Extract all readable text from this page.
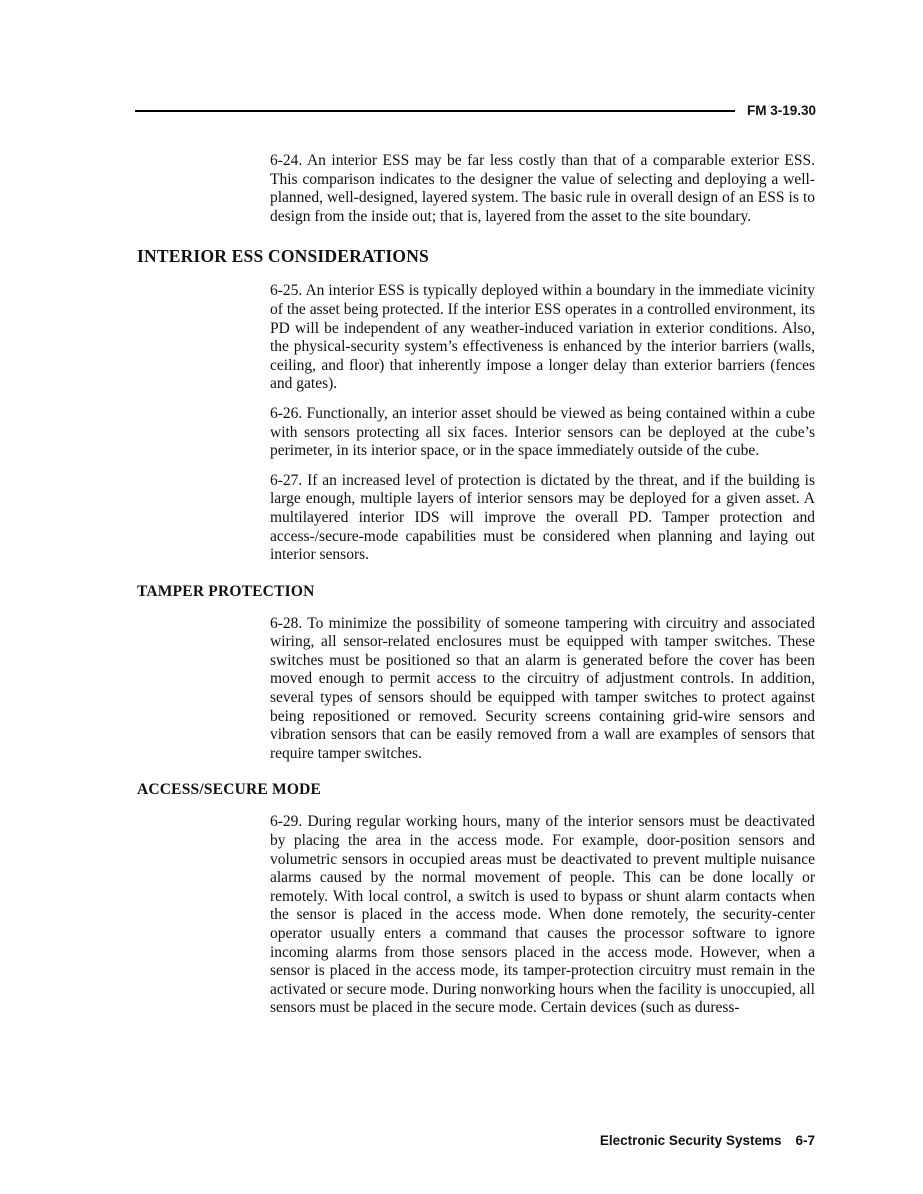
FM 3-19.30

6-24. An interior ESS may be far less costly than that of a comparable exterior ESS. This comparison indicates to the designer the value of selecting and deploying a well-planned, well-designed, layered system. The basic rule in overall design of an ESS is to design from the inside out; that is, layered from the asset to the site boundary.

INTERIOR ESS CONSIDERATIONS

6-25. An interior ESS is typically deployed within a boundary in the immediate vicinity of the asset being protected. If the interior ESS operates in a controlled environment, its PD will be independent of any weather-induced variation in exterior conditions. Also, the physical-security system’s effectiveness is enhanced by the interior barriers (walls, ceiling, and floor) that inherently impose a longer delay than exterior barriers (fences and gates).

6-26. Functionally, an interior asset should be viewed as being contained within a cube with sensors protecting all six faces. Interior sensors can be deployed at the cube’s perimeter, in its interior space, or in the space immediately outside of the cube.

6-27. If an increased level of protection is dictated by the threat, and if the building is large enough, multiple layers of interior sensors may be deployed for a given asset. A multilayered interior IDS will improve the overall PD. Tamper protection and access-/secure-mode capabilities must be considered when planning and laying out interior sensors.

TAMPER PROTECTION

6-28. To minimize the possibility of someone tampering with circuitry and associated wiring, all sensor-related enclosures must be equipped with tamper switches. These switches must be positioned so that an alarm is generated before the cover has been moved enough to permit access to the circuitry of adjustment controls. In addition, several types of sensors should be equipped with tamper switches to protect against being repositioned or removed. Security screens containing grid-wire sensors and vibration sensors that can be easily removed from a wall are examples of sensors that require tamper switches.

ACCESS/SECURE MODE

6-29. During regular working hours, many of the interior sensors must be deactivated by placing the area in the access mode. For example, door-position sensors and volumetric sensors in occupied areas must be deactivated to prevent multiple nuisance alarms caused by the normal movement of people. This can be done locally or remotely. With local control, a switch is used to bypass or shunt alarm contacts when the sensor is placed in the access mode. When done remotely, the security-center operator usually enters a command that causes the processor software to ignore incoming alarms from those sensors placed in the access mode. However, when a sensor is placed in the access mode, its tamper-protection circuitry must remain in the activated or secure mode. During nonworking hours when the facility is unoccupied, all sensors must be placed in the secure mode. Certain devices (such as duress-

Electronic Security Systems 6-7
